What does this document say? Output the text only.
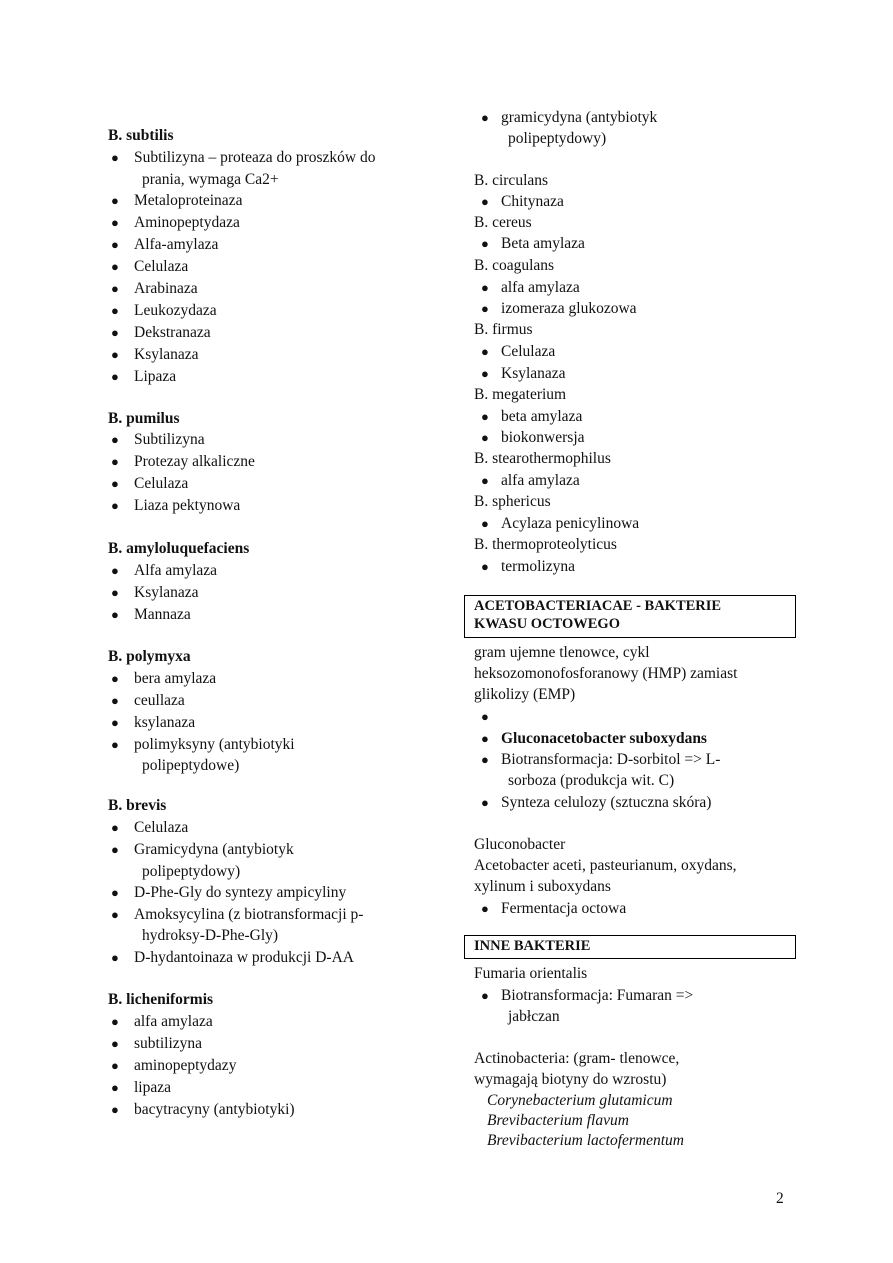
B. subtilis
● Subtilizyna – proteaza do proszków do
prania, wymaga Ca2+
● Metaloproteinaza
● Aminopeptydaza
● Alfa-amylaza
● Celulaza
● Arabinaza
● Leukozydaza
● Dekstranaza
● Ksylanaza
● Lipaza
B. pumilus
● Subtilizyna
● Protezay alkaliczne
● Celulaza
● Liaza pektynowa
B. amyloluquefaciens
● Alfa amylaza
● Ksylanaza
● Mannaza
B. polymyxa
● bera amylaza
● ceullaza
● ksylanaza
● polimyksyny (antybiotyki
polipeptydowe)
B. brevis
● Celulaza
● Gramicydyna (antybiotyk
polipeptydowy)
● D-Phe-Gly do syntezy ampicyliny
● Amoksycylina (z biotransformacji p-
hydroksy-D-Phe-Gly)
● D-hydantoinaza w produkcji D-AA
B. licheniformis
● alfa amylaza
● subtilizyna
● aminopeptydazy
● lipaza
● bacytracyny (antybiotyki)
● gramicydyna (antybiotyk
polipeptydowy)
B. circulans
● Chitynaza
B. cereus
● Beta amylaza
B. coagulans
● alfa amylaza
● izomeraza glukozowa
B. firmus
● Celulaza
● Ksylanaza
B. megaterium
● beta amylaza
● biokonwersja
B. stearothermophilus
● alfa amylaza
B. sphericus
● Acylaza penicylinowa
B. thermoproteolyticus
● termolizyna
ACETOBACTERIACAE - BAKTERIE
KWASU OCTOWEGO
gram ujemne tlenowce, cykl
heksozomonofosforanowy (HMP) zamiast
glikolizy (EMP)
●
● Gluconacetobacter suboxydans
● Biotransformacja: D-sorbitol => L-
sorboza (produkcja wit. C)
● Synteza celulozy (sztuczna skóra)
Gluconobacter
Acetobacter aceti, pasteurianum, oxydans,
xylinum i suboxydans
● Fermentacja octowa
INNE BAKTERIE
Fumaria orientalis
● Biotransformacja: Fumaran =>
jabłczan
Actinobacteria: (gram- tlenowce,
wymagają biotyny do wzrostu)
Corynebacterium glutamicum
Brevibacterium flavum
Brevibacterium lactofermentum
2
